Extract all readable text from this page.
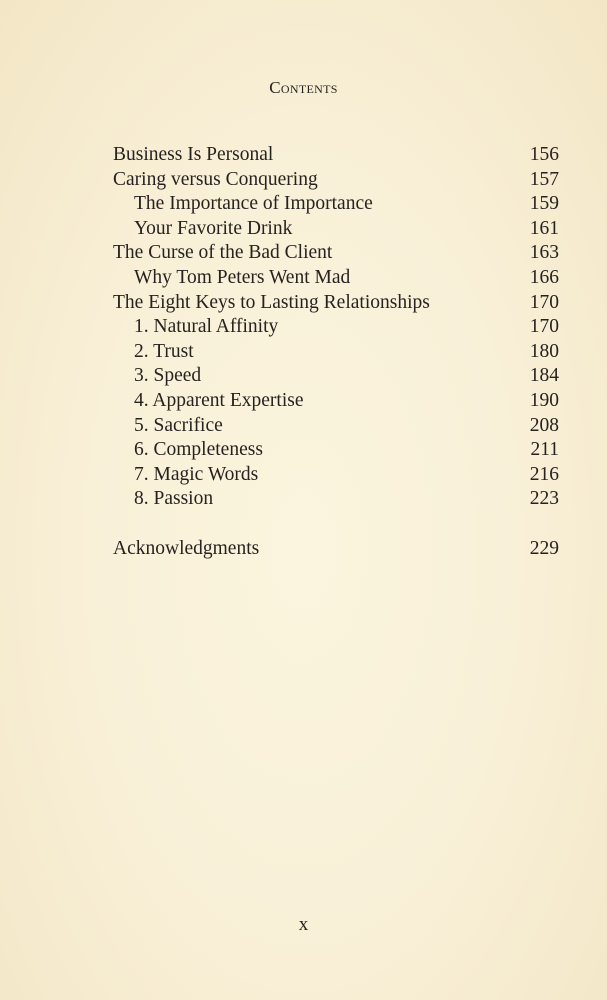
Contents
Business Is Personal	156
Caring versus Conquering	157
The Importance of Importance	159
Your Favorite Drink	161
The Curse of the Bad Client	163
Why Tom Peters Went Mad	166
The Eight Keys to Lasting Relationships	170
1. Natural Affinity	170
2. Trust	180
3. Speed	184
4. Apparent Expertise	190
5. Sacrifice	208
6. Completeness	211
7. Magic Words	216
8. Passion	223
Acknowledgments	229
x
